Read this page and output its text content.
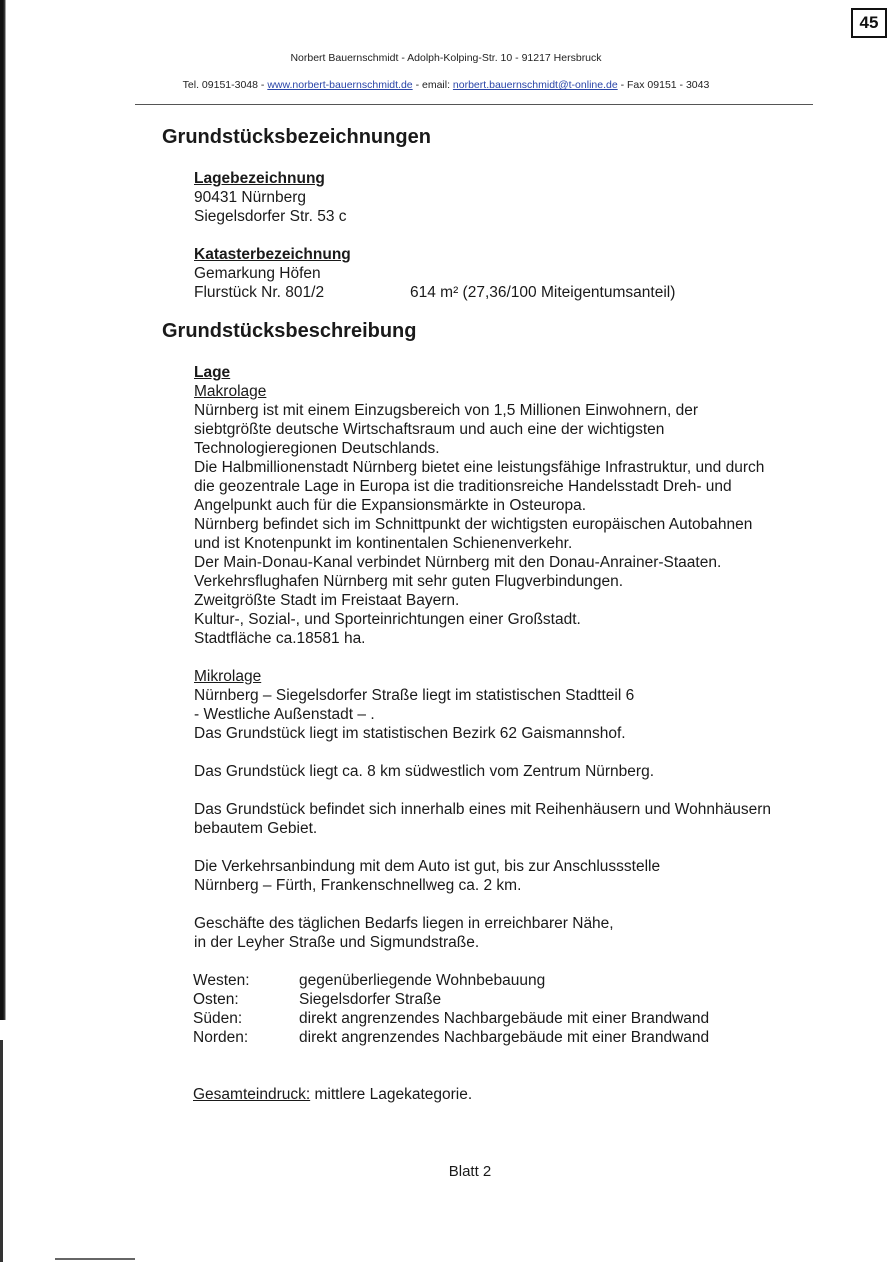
45
Norbert Bauernschmidt - Adolph-Kolping-Str. 10 - 91217 Hersbruck
Tel. 09151-3048 - www.norbert-bauernschmidt.de - email: norbert.bauernschmidt@t-online.de - Fax 09151 - 3043
Grundstücksbezeichnungen
Lagebezeichnung
90431 Nürnberg
Siegelsdorfer Str. 53 c
Katasterbezeichnung
Gemarkung Höfen
Flurstück Nr. 801/2	614 m² (27,36/100 Miteigentumsanteil)
Grundstücksbeschreibung
Lage
Makrolage
Nürnberg ist mit einem Einzugsbereich von 1,5 Millionen Einwohnern, der
siebtgrößte deutsche Wirtschaftsraum und auch eine der wichtigsten
Technologieregionen Deutschlands.
Die Halbmillionenstadt Nürnberg bietet eine leistungsfähige Infrastruktur, und durch
die geozentrale Lage in Europa ist die traditionsreiche Handelsstadt Dreh- und
Angelpunkt auch für die Expansionsmärkte in Osteuropa.
Nürnberg befindet sich im Schnittpunkt der wichtigsten europäischen Autobahnen
und ist Knotenpunkt im kontinentalen Schienenverkehr.
Der Main-Donau-Kanal verbindet Nürnberg mit den Donau-Anrainer-Staaten.
Verkehrsflughafen Nürnberg mit sehr guten Flugverbindungen.
Zweitgrößte Stadt im Freistaat Bayern.
Kultur-, Sozial-, und Sporteinrichtungen einer Großstadt.
Stadtfläche ca.18581 ha.
Mikrolage
Nürnberg – Siegelsdorfer Straße liegt im statistischen Stadtteil 6
- Westliche Außenstadt – .
Das Grundstück liegt im statistischen Bezirk 62 Gaismannshof.
Das Grundstück liegt ca. 8 km südwestlich vom Zentrum Nürnberg.
Das Grundstück befindet sich innerhalb eines mit Reihenhäusern und Wohnhäusern
bebautem Gebiet.
Die Verkehrsanbindung mit dem Auto ist gut, bis zur Anschlussstelle
Nürnberg – Fürth, Frankenschnellweg ca. 2 km.
Geschäfte des täglichen Bedarfs liegen in erreichbarer Nähe,
in der Leyher Straße und Sigmundstraße.
Westen:	gegenüberliegende Wohnbebauung
Osten:	Siegelsdorfer Straße
Süden:	direkt angrenzendes Nachbargebäude mit einer Brandwand
Norden:	direkt angrenzendes Nachbargebäude mit einer Brandwand
Gesamteindruck: mittlere Lagekategorie.
Blatt 2
